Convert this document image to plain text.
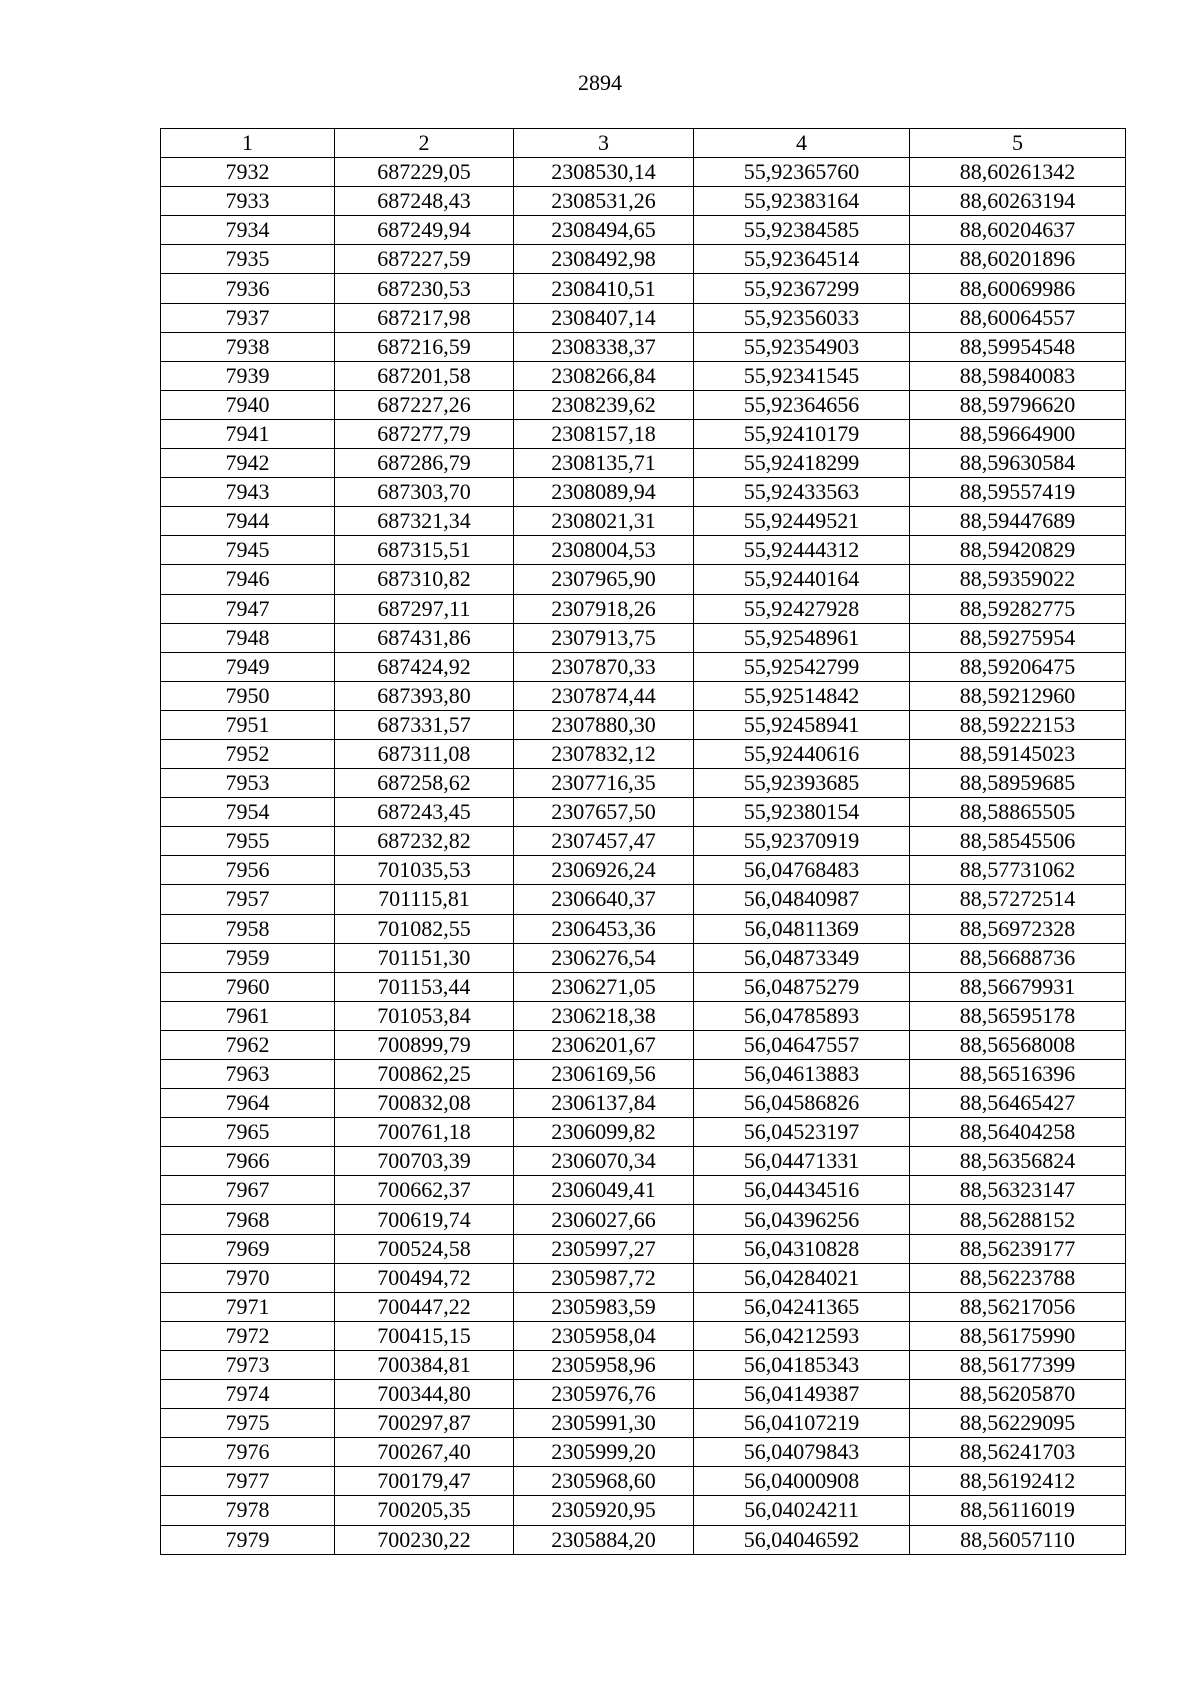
2894
1	2	3	4	5
7932	687229,05	2308530,14	55,92365760	88,60261342
7933	687248,43	2308531,26	55,92383164	88,60263194
7934	687249,94	2308494,65	55,92384585	88,60204637
7935	687227,59	2308492,98	55,92364514	88,60201896
7936	687230,53	2308410,51	55,92367299	88,60069986
7937	687217,98	2308407,14	55,92356033	88,60064557
7938	687216,59	2308338,37	55,92354903	88,59954548
7939	687201,58	2308266,84	55,92341545	88,59840083
7940	687227,26	2308239,62	55,92364656	88,59796620
7941	687277,79	2308157,18	55,92410179	88,59664900
7942	687286,79	2308135,71	55,92418299	88,59630584
7943	687303,70	2308089,94	55,92433563	88,59557419
7944	687321,34	2308021,31	55,92449521	88,59447689
7945	687315,51	2308004,53	55,92444312	88,59420829
7946	687310,82	2307965,90	55,92440164	88,59359022
7947	687297,11	2307918,26	55,92427928	88,59282775
7948	687431,86	2307913,75	55,92548961	88,59275954
7949	687424,92	2307870,33	55,92542799	88,59206475
7950	687393,80	2307874,44	55,92514842	88,59212960
7951	687331,57	2307880,30	55,92458941	88,59222153
7952	687311,08	2307832,12	55,92440616	88,59145023
7953	687258,62	2307716,35	55,92393685	88,58959685
7954	687243,45	2307657,50	55,92380154	88,58865505
7955	687232,82	2307457,47	55,92370919	88,58545506
7956	701035,53	2306926,24	56,04768483	88,57731062
7957	701115,81	2306640,37	56,04840987	88,57272514
7958	701082,55	2306453,36	56,04811369	88,56972328
7959	701151,30	2306276,54	56,04873349	88,56688736
7960	701153,44	2306271,05	56,04875279	88,56679931
7961	701053,84	2306218,38	56,04785893	88,56595178
7962	700899,79	2306201,67	56,04647557	88,56568008
7963	700862,25	2306169,56	56,04613883	88,56516396
7964	700832,08	2306137,84	56,04586826	88,56465427
7965	700761,18	2306099,82	56,04523197	88,56404258
7966	700703,39	2306070,34	56,04471331	88,56356824
7967	700662,37	2306049,41	56,04434516	88,56323147
7968	700619,74	2306027,66	56,04396256	88,56288152
7969	700524,58	2305997,27	56,04310828	88,56239177
7970	700494,72	2305987,72	56,04284021	88,56223788
7971	700447,22	2305983,59	56,04241365	88,56217056
7972	700415,15	2305958,04	56,04212593	88,56175990
7973	700384,81	2305958,96	56,04185343	88,56177399
7974	700344,80	2305976,76	56,04149387	88,56205870
7975	700297,87	2305991,30	56,04107219	88,56229095
7976	700267,40	2305999,20	56,04079843	88,56241703
7977	700179,47	2305968,60	56,04000908	88,56192412
7978	700205,35	2305920,95	56,04024211	88,56116019
7979	700230,22	2305884,20	56,04046592	88,56057110
